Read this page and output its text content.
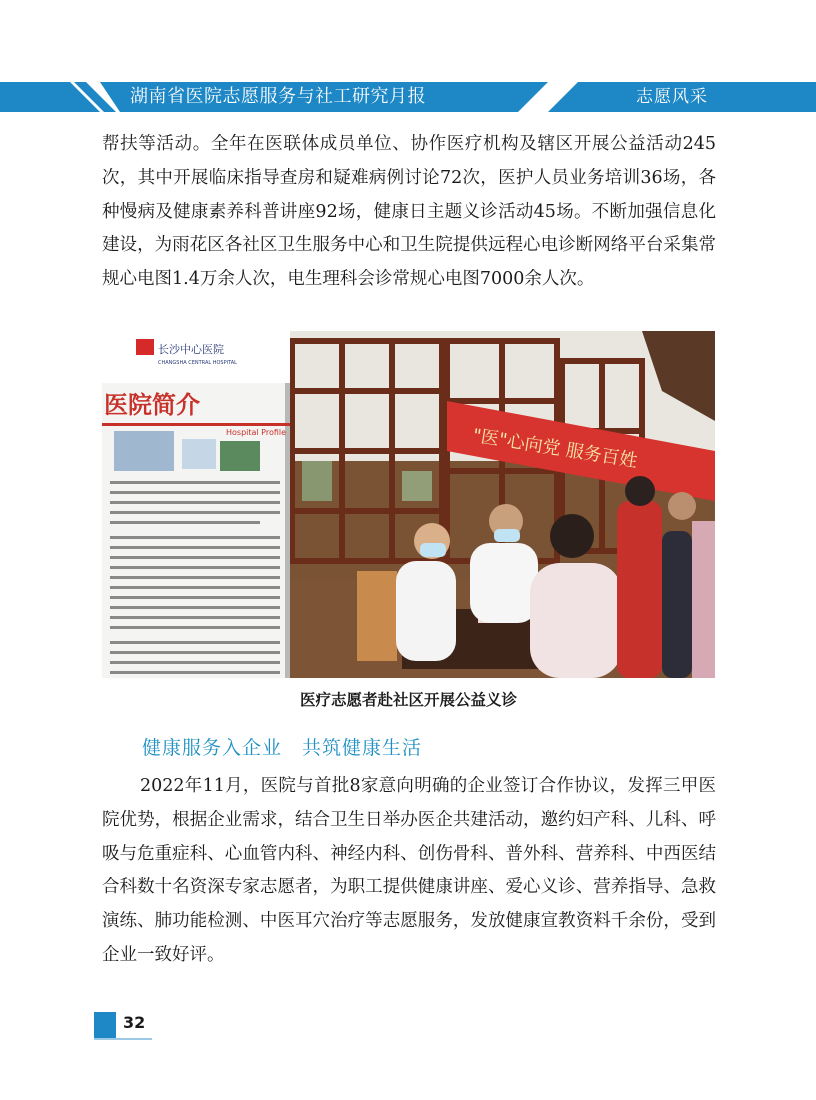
湖南省医院志愿服务与社工研究月报	志愿风采

帮扶等活动。全年在医联体成员单位、协作医疗机构及辖区开展公益活动245次，其中开展临床指导查房和疑难病例讨论72次，医护人员业务培训36场，各种慢病及健康素养科普讲座92场，健康日主题义诊活动45场。不断加强信息化建设，为雨花区各社区卫生服务中心和卫生院提供远程心电诊断网络平台采集常规心电图1.4万余人次，电生理科会诊常规心电图7000余人次。

"医"心向党 服务百姓
长沙中心医院
CHANGSHA CENTRAL HOSPITAL
医院简介
Hospital Profile
医疗志愿者赴社区开展公益义诊
健康服务入企业　共筑健康生活

2022年11月，医院与首批8家意向明确的企业签订合作协议，发挥三甲医院优势，根据企业需求，结合卫生日举办医企共建活动，邀约妇产科、儿科、呼吸与危重症科、心血管内科、神经内科、创伤骨科、普外科、营养科、中西医结合科数十名资深专家志愿者，为职工提供健康讲座、爱心义诊、营养指导、急救演练、肺功能检测、中医耳穴治疗等志愿服务，发放健康宣教资料千余份，受到企业一致好评。

32
